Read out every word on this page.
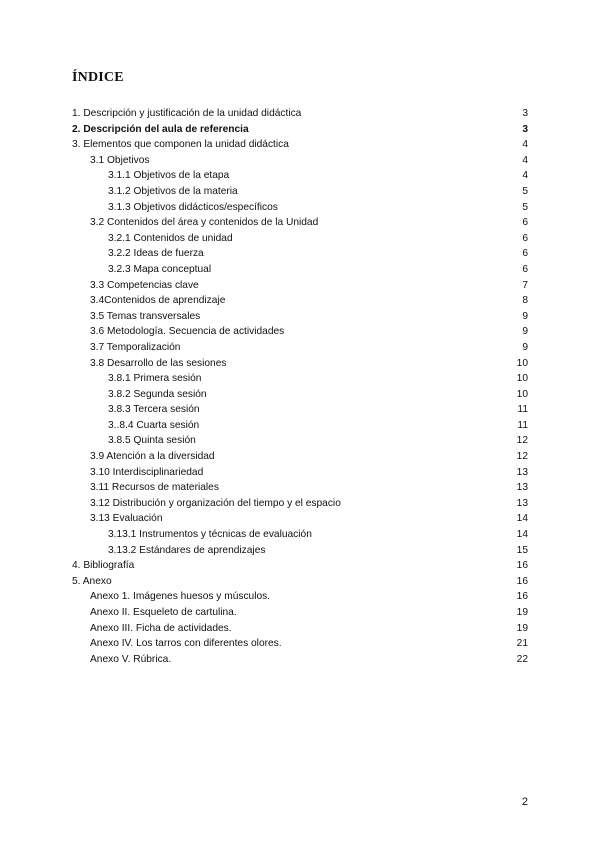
ÍNDICE
1. Descripción y justificación de la unidad didáctica	3
2. Descripción del aula de referencia	3
3. Elementos que componen la unidad didáctica	4
3.1 Objetivos	4
3.1.1 Objetivos de la etapa	4
3.1.2 Objetivos de la materia	5
3.1.3 Objetivos didácticos/específicos	5
3.2 Contenidos del área y contenidos de la Unidad	6
3.2.1 Contenidos de unidad	6
3.2.2 Ideas de fuerza	6
3.2.3 Mapa conceptual	6
3.3 Competencias clave	7
3.4Contenidos de aprendizaje	8
3.5 Temas transversales	9
3.6 Metodología. Secuencia de actividades	9
3.7 Temporalización	9
3.8 Desarrollo de las sesiones	10
3.8.1 Primera sesión	10
3.8.2 Segunda sesión	10
3.8.3 Tercera sesión	11
3..8.4 Cuarta sesión	11
3.8.5 Quinta sesión	12
3.9 Atención a la diversidad	12
3.10 Interdisciplinariedad	13
3.11 Recursos de materiales	13
3.12 Distribución y organización del tiempo y el espacio	13
3.13 Evaluación	14
3.13.1 Instrumentos y técnicas de evaluación	14
3.13.2 Estándares de aprendizajes	15
4. Bibliografía	16
5. Anexo	16
Anexo 1. Imágenes huesos y músculos.	16
Anexo II. Esqueleto de cartulina.	19
Anexo III. Ficha de actividades.	19
Anexo IV. Los tarros con diferentes olores.	21
Anexo V. Rúbrica.	22
2
